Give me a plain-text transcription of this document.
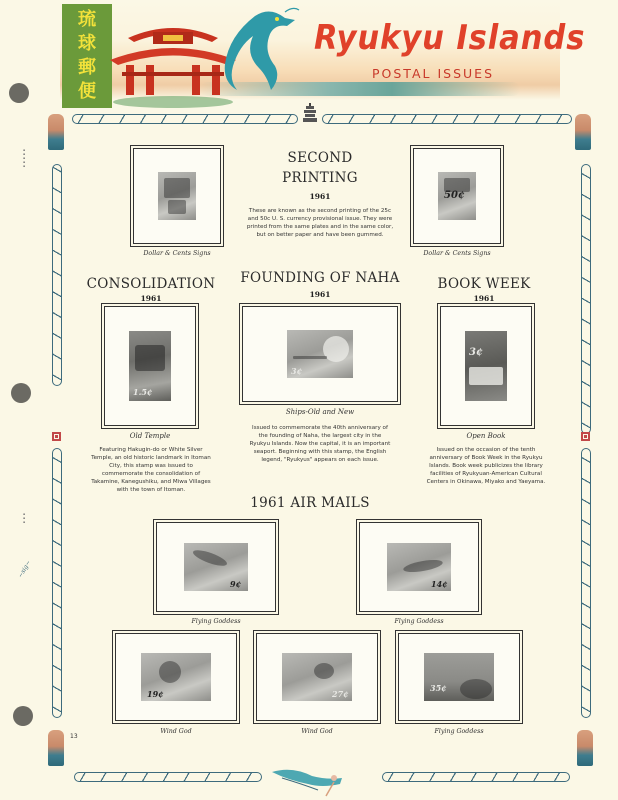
琉
球
郵
便
Ryukyu Islands
POSTAL ISSUES
▪▪▪▪▪
▪▪▪
~sig~
13
Dollar & Cents Signs
50¢
Dollar & Cents Signs
SECOND
PRINTING
1961
These are known as the second printing of the 25c and 50c U. S. currency provisional issue. They were printed from the same plates and in the same color, but on better paper and have been gummed.
CONSOLIDATION
1961
1.5¢
Old Temple
Featuring Hakugin-do or White Silver Temple, an old historic landmark in Itoman City, this stamp was issued to commemorate the consolidation of Takamine, Kanegushiku, and Miwa Villages with the town of Itoman.
FOUNDING OF NAHA
1961
3¢
Ships-Old and New
Issued to commemorate the 40th anniversary of the founding of Naha, the largest city in the Ryukyu Islands. Now the capital, it is an important seaport. Beginning with this stamp, the English legend, "Ryukyus" appears on each issue.
BOOK WEEK
1961
3¢
Open Book
Issued on the occasion of the tenth anniversary of Book Week in the Ryukyu Islands. Book week publicizes the library facilities of Ryukyuan-American Cultural Centers in Okinawa, Miyako and Yaeyama.
1961 AIR MAILS
9¢
Flying Goddess
14¢
Flying Goddess
19¢
Wind God
27¢
Wind God
35¢
Flying Goddess
